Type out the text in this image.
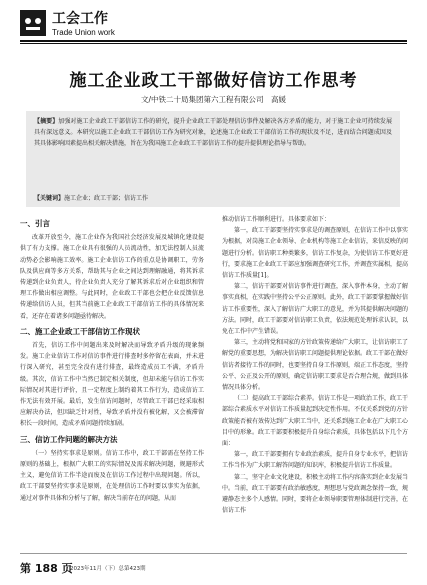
工会工作
Trade Union work
施工企业政工干部做好信访工作思考
文/中铁二十局集团第六工程有限公司　高媛
【摘要】加强对施工企业政工干部信访工作的研究，提升企业政工干部处理信访事件及解决各方矛盾的能力，对于施工企业可持续发展具有深远意义。本研究以施工企业政工干部信访工作为研究对象，论述施工企业政工干部信访工作的现状及不足，进而结合问题成因及其具体影响因素提出相关解决措施，旨在为我国施工企业政工干部信访工作的提升提供理论指导与帮助。
【关键词】施工企业；政工干部；信访工作
一、引言

改革开放至今，施工企业作为我国社会经济发展及城镇化建设提供了有力支撑。施工企业具有很强的人员流动性，加无法控制人员流动势必会影响施工效率。施工企业信访工作的重点是协调职工，劳务队及供应商等多方关系，帮助其与企业之间达到理解融通，将其诉求传递到企业负责人，待企业负责人充分了解其诉求后对企业组织和管理工作做出相应调整。与此同时，企业政工干部也会把企业反馈信息传递给信访人员，但其当前施工企业政工干部信访工作的具体情况来看，还存在着诸多问题亟待解决。

二、施工企业政工干部信访工作现状

首先，信访工作中问题出来及时解决而导致矛盾升级的现象频发。施工企业信访工作对信访事件进行排查时多停留在表面，并未进行深入研究，甚至完全没有进行排查，最终造成员工不满，矛盾升级。其次，信访工作中当然已制定相关制度，但却未能与信访工作实际情况对其进行评价，且一定程度上制约着其工作行为，造成信访工作无法有效开展。最后，发生信访问题时，尽管政工干部已经采取相应解决办法，但因缺乏针对性，导致矛盾并没有被化解，又会被滞留积长一段时间，造成矛盾问题持续加剧。

三、信访工作问题的解决方法

（一）坚持实事求是原则。信访工作中，政工干部需在坚持工作原则的基础上，根据广大职工的实际情况及需求解决问题，规避形式主义，避免信访工作半途而废及在信访工作过程中出现问题。所以，政工干部要坚持实事求是原则，在处理信访工作时要以事实为依据，通过对事件具体和分析与了解，解决当前存在的问题，从而

推动信访工作顺利进行。具体要求如下：

第一，政工干部要坚持实事求是的调查原则，在信访工作中以事实为根据，对岗施工企业领导、企业机构等施工企业信访，来信反映的问题进行分析。信访职工种类繁多，信访工作复杂，为使信访工作更好进行，要求施工企业政工干部应加强调查研究工作，并调查实属相，提高信访工作质量[1]。

第二，信访干部要对信访事件进行调查，深入事件本身，主动了解事实真相，在实践中坚持公平公正原则。此外，政工干部要掌握做好信访工作重要性，深入了解信访广大职工的意见，并为其提供解决问题的方法。同时，政工干部要对信访职工负责，依法规范处理诉求认识，以免在工作中产生错误。

第三，主动将党和国家的方针政策传递给广大职工，让信访职工了解党的重要思想，为解决信访职工问题提供理论依据。政工干部在做好信访者接待工作的同时，也要坚持自身工作原则，端正工作态度，坚持公平、公正及公开的原则，确定信访职工要求是否合理合规，做到具体情况具体分析。

（二）提高政工干部综合素养。信访工作是一项政治工作，政工干部综合素质水平对信访工作质量起到决定性作用。不仅关系到党的方针政策能否被有效传达到广大职工当中，还关系到施工企业在广大职工心目中的形象。政工干部要积极提升自身综合素质，具体包括以下几个方面：

第一，政工干部要拥有专业政治素质，提升自身专业水平，把信访工作当作为广大职工解答问题的知识库，积极提升信访工作质量。

第二，坚守企业文化建设，积极主动将工作内容落实到企业发展当中。当前，政工干部要有政治敏感度，理想思与党政调念保持一致，规避静态主多个人感情。同时，要将企业领导职要管理体制进行完善，在信访工作

第 188 页
2023年11月（下）总第423期
